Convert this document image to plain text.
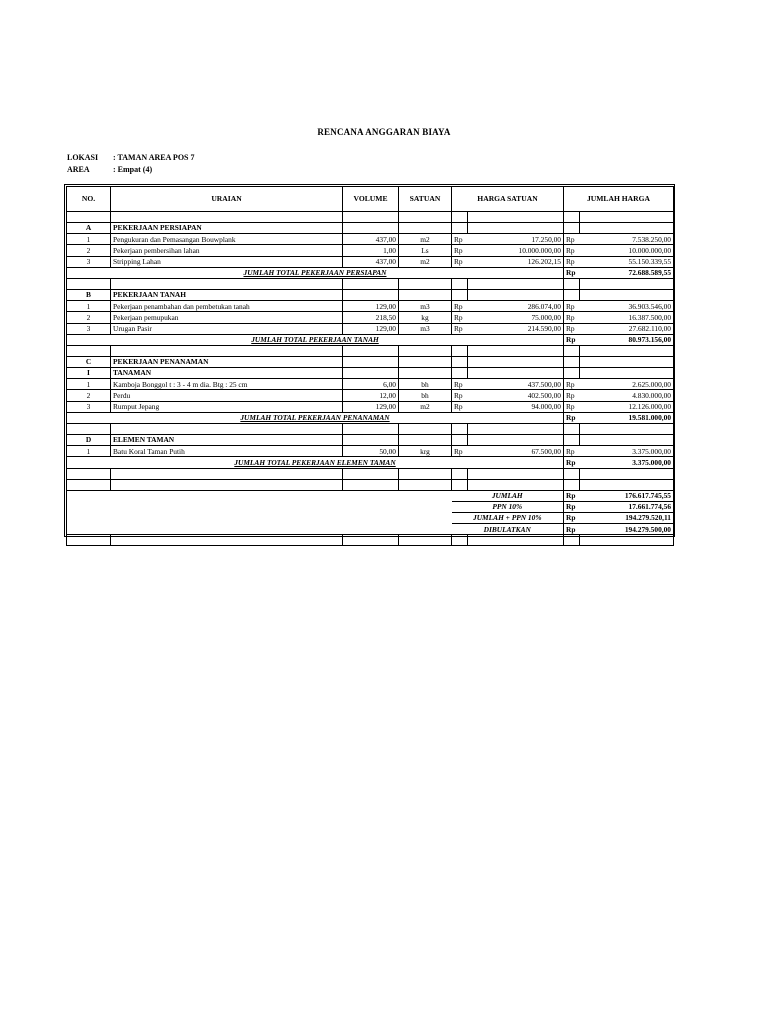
RENCANA ANGGARAN BIAYA
LOKASI : TAMAN AREA POS 7
AREA	: Empat (4)
NO.	URAIAN	VOLUME	SATUAN	HARGA SATUAN		JUMLAH HARGA	

A	PEKERJAAN PERSIAPAN						
1	Pengukuran dan Pemasangan Bouwplank	437,00	m2	Rp	17.250,00	Rp	7.538.250,00
2	Pekerjaan pembersihan lahan	1,00	Ls	Rp	10.000.000,00	Rp	10.000.000,00
3	Stripping Lahan	437,00	m2	Rp	126.202,15	Rp	55.150.339,55
JUMLAH TOTAL PEKERJAAN PERSIAPAN						Rp	72.688.589,55

B	PEKERJAAN TANAH						
1	Pekerjaan penambahan dan pembetukan tanah	129,00	m3	Rp	286.074,00	Rp	36.903.546,00
2	Pekerjaan pemupukan	218,50	kg	Rp	75.000,00	Rp	16.387.500,00
3	Urugan Pasir	129,00	m3	Rp	214.590,00	Rp	27.682.110,00
JUMLAH TOTAL PEKERJAAN TANAH						Rp	80.973.156,00

C	PEKERJAAN PENANAMAN						
I	TANAMAN						
1	Kamboja Bonggol t : 3 - 4 m dia. Btg : 25 cm	6,00	bh	Rp	437.500,00	Rp	2.625.000,00
2	Perdu	12,00	bh	Rp	402.500,00	Rp	4.830.000,00
3	Rumput Jepang	129,00	m2	Rp	94.000,00	Rp	12.126.000,00
JUMLAH TOTAL PEKERJAAN PENANAMAN						Rp	19.581.000,00

D	ELEMEN TAMAN						
1	Batu Koral Taman Putih	50,00	krg	Rp	67.500,00	Rp	3.375.000,00
JUMLAH TOTAL PEKERJAAN ELEMEN TAMAN						Rp	3.375.000,00

				JUMLAH		Rp	176.617.745,55
				PPN 10%		Rp	17.661.774,56
				JUMLAH + PPN 10%		Rp	194.279.520,11
				DIBULATKAN		Rp	194.279.500,00
